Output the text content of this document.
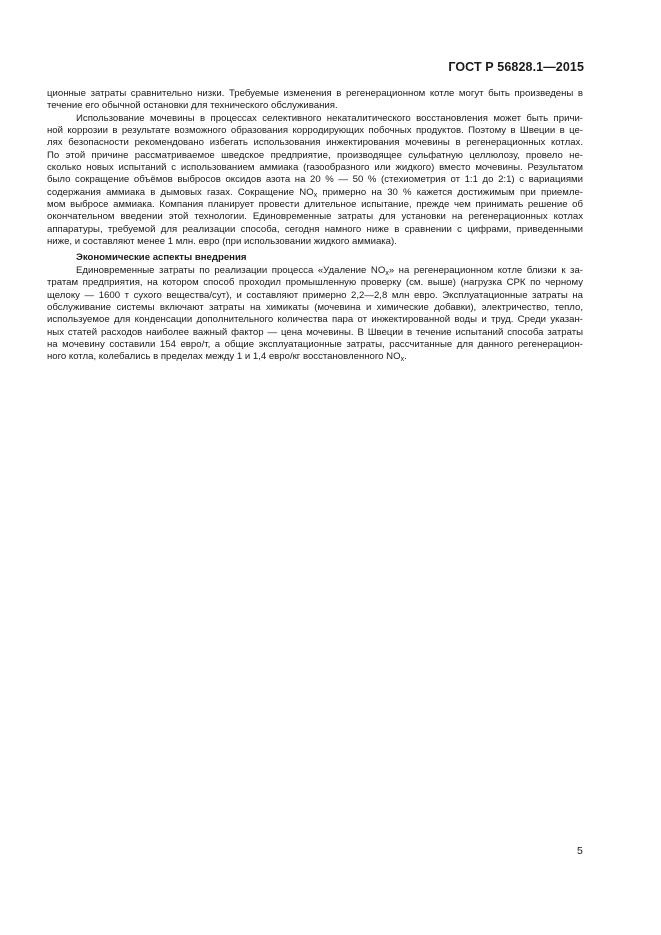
ГОСТ Р 56828.1—2015
ционные затраты сравнительно низки. Требуемые изменения в регенерационном котле могут быть произведены в
течение его обычной остановки для технического обслуживания.
Использование мочевины в процессах селективного некаталитического восстановления может быть причи-
ной коррозии в результате возможного образования корродирующих побочных продуктов. Поэтому в Швеции в це-
лях безопасности рекомендовано избегать использования инжектирования мочевины в регенерационных котлах.
По этой причине рассматриваемое шведское предприятие, производящее сульфатную целлюлозу, провело не-
сколько новых испытаний с использованием аммиака (газообразного или жидкого) вместо мочевины. Результатом
было сокращение объёмов выбросов оксидов азота на 20 % — 50 % (стехиометрия от 1:1 до 2:1) с вариациями
содержания аммиака в дымовых газах. Сокращение $NO_x$ примерно на 30 % кажется достижимым при приемле-
мом выбросе аммиака. Компания планирует провести длительное испытание, прежде чем принимать решение об
окончательном введении этой технологии. Единовременные затраты для установки на регенерационных котлах
аппаратуры, требуемой для реализации способа, сегодня намного ниже в сравнении с цифрами, приведенными
ниже, и составляют менее 1 млн. евро (при использовании жидкого аммиака).
Экономические аспекты внедрения
Единовременные затраты по реализации процесса «Удаление $NO_x$» на регенерационном котле близки к за-
тратам предприятия, на котором способ проходил промышленную проверку (см. выше) (нагрузка СРК по черному
щелоку — 1600 т сухого вещества/сут), и составляют примерно 2,2—2,8 млн евро. Эксплуатационные затраты на
обслуживание системы включают затраты на химикаты (мочевина и химические добавки), электричество, тепло,
используемое для конденсации дополнительного количества пара от инжектированной воды и труд. Среди указан-
ных статей расходов наиболее важный фактор — цена мочевины. В Швеции в течение испытаний способа затраты
на мочевину составили 154 евро/т, а общие эксплуатационные затраты, рассчитанные для данного регенерацион-
ного котла, колебались в пределах между 1 и 1,4 евро/кг восстановленного $NO_x$.
5
